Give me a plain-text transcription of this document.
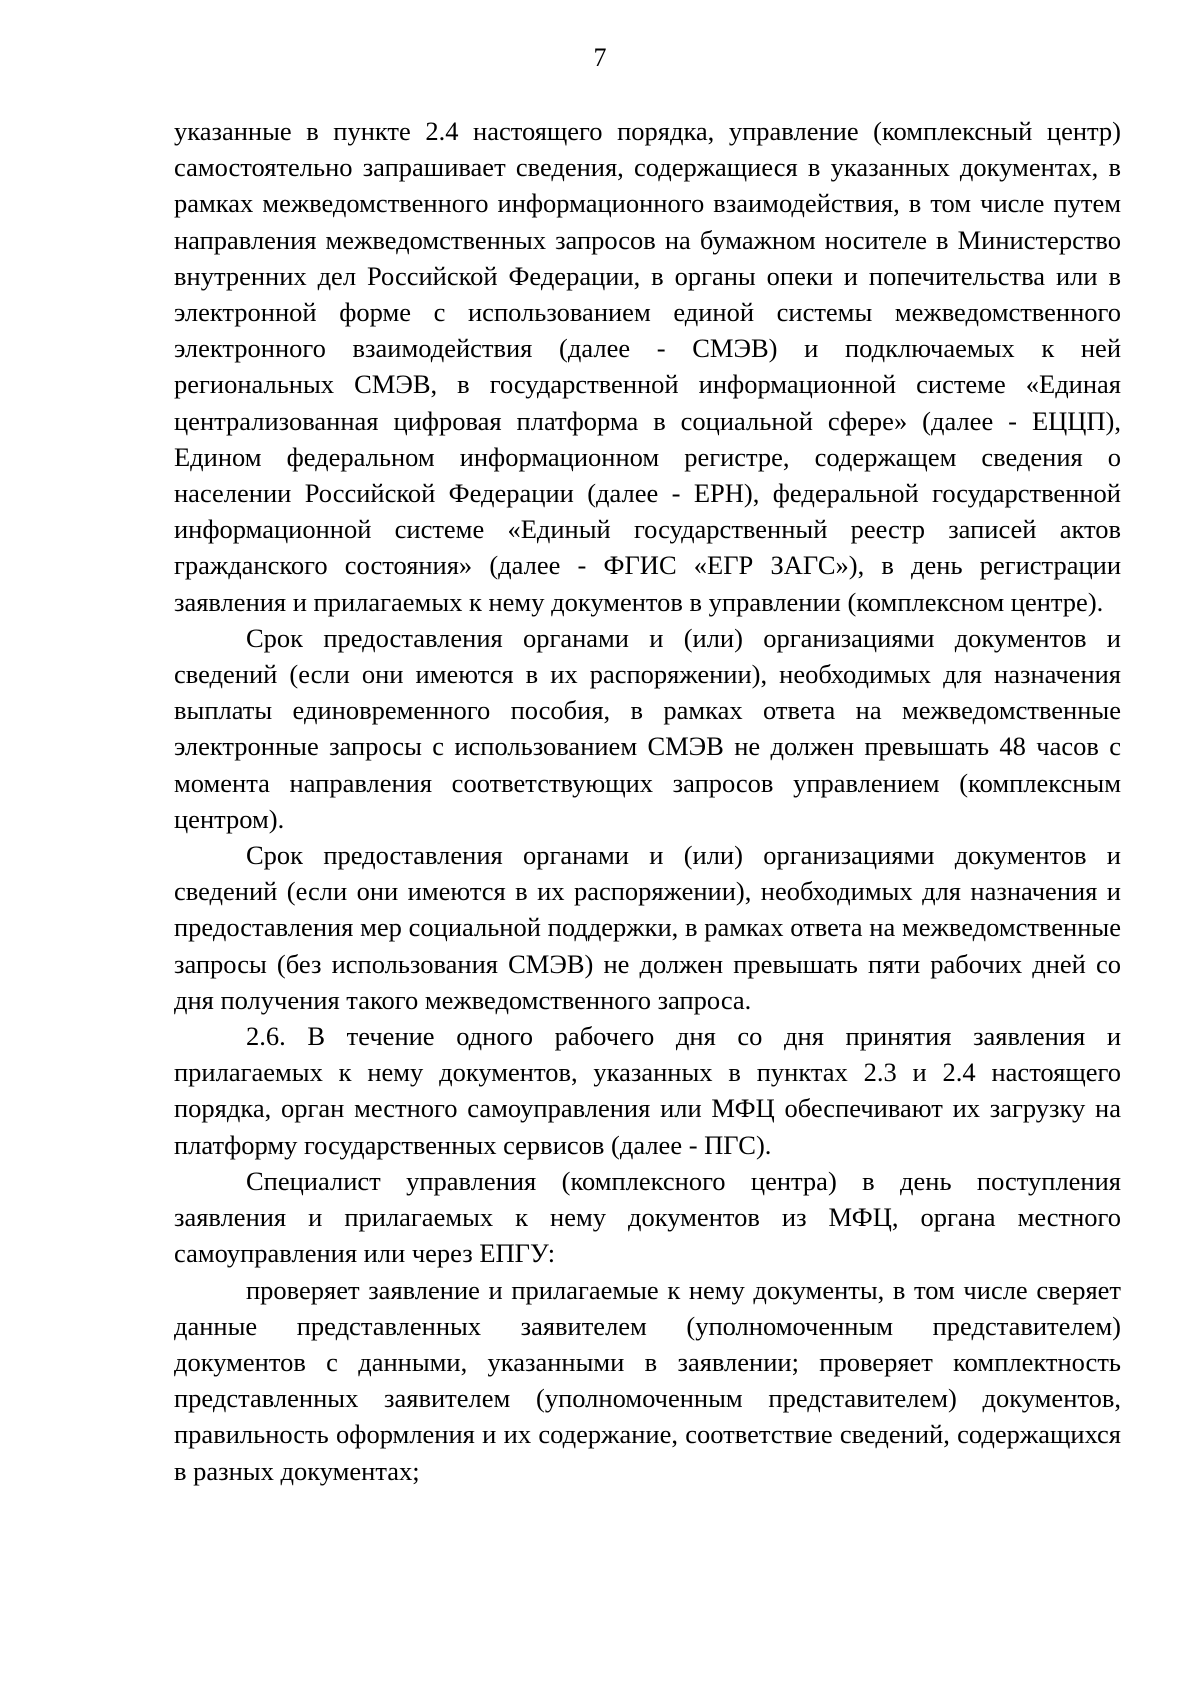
7

указанные в пункте 2.4 настоящего порядка, управление (комплексный центр) самостоятельно запрашивает сведения, содержащиеся в указанных документах, в рамках межведомственного информационного взаимодействия, в том числе путем направления межведомственных запросов на бумажном носителе в Министерство внутренних дел Российской Федерации, в органы опеки и попечительства или в электронной форме с использованием единой системы межведомственного электронного взаимодействия (далее - СМЭВ) и подключаемых к ней региональных СМЭВ, в государственной информационной системе «Единая централизованная цифровая платформа в социальной сфере» (далее - ЕЦЦП), Едином федеральном информационном регистре, содержащем сведения о населении Российской Федерации (далее - ЕРН), федеральной государственной информационной системе «Единый государственный реестр записей актов гражданского состояния» (далее - ФГИС «ЕГР ЗАГС»), в день регистрации заявления и прилагаемых к нему документов в управлении (комплексном центре).

Срок предоставления органами и (или) организациями документов и сведений (если они имеются в их распоряжении), необходимых для назначения выплаты единовременного пособия, в рамках ответа на межведомственные электронные запросы с использованием СМЭВ не должен превышать 48 часов с момента направления соответствующих запросов управлением (комплексным центром).

Срок предоставления органами и (или) организациями документов и сведений (если они имеются в их распоряжении), необходимых для назначения и предоставления мер социальной поддержки, в рамках ответа на межведомственные запросы (без использования СМЭВ) не должен превышать пяти рабочих дней со дня получения такого межведомственного запроса.

2.6. В течение одного рабочего дня со дня принятия заявления и прилагаемых к нему документов, указанных в пунктах 2.3 и 2.4 настоящего порядка, орган местного самоуправления или МФЦ обеспечивают их загрузку на платформу государственных сервисов (далее - ПГС).

Специалист управления (комплексного центра) в день поступления заявления и прилагаемых к нему документов из МФЦ, органа местного самоуправления или через ЕПГУ:

проверяет заявление и прилагаемые к нему документы, в том числе сверяет данные представленных заявителем (уполномоченным представителем) документов с данными, указанными в заявлении; проверяет комплектность представленных заявителем (уполномоченным представителем) документов, правильность оформления и их содержание, соответствие сведений, содержащихся в разных документах;
